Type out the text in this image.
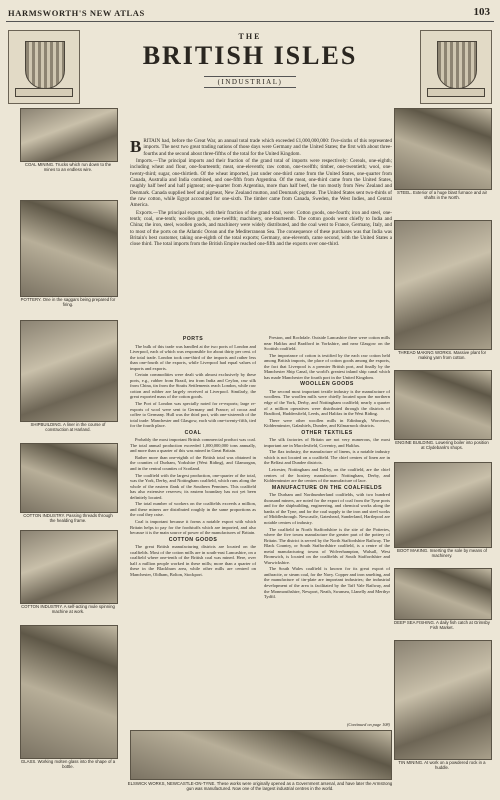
HARMSWORTH'S NEW ATLAS	103
THE
BRITISH ISLES
(INDUSTRIAL)
COAL MINING. Trucks which run down to the mines to an endless wire.
POTTERY. One in the saggars being prepared for firing.
SHIPBUILDING. A liner in the course of construction at Harland.
COTTON INDUSTRY. Passing threads through the healding frame.
COTTON INDUSTRY. A self-acting mule spinning machine at work.
GLASS. Working molten glass into the shape of a bottle.
STEEL. Exterior of a huge blast furnace and air shafts in the North.
THREAD MAKING WORKS. Massive plant for making yarn from cotton.
ENGINE BUILDING. Lowering boiler into position at Clydebank's shops.
BOOT MAKING. Inserting the sole by means of machinery.
DEEP SEA FISHING. A daily fish catch at Grimsby Fish Market.
TIN MINING. At work on a powdered rock in a huddle.
ELSWICK WORKS, NEWCASTLE-ON-TYNE. These works were originally opened as a Government arsenal, and have later the Armstrong gun was manufactured. Now one of the largest industrial centres in the world.

BRITAIN had, before the Great War, an annual total trade which exceeded £1,000,000,000: five-sixths of this represented imports. The next two great trading nations of those days were Germany and the United States; the first with about three-fourths and the second about three-fifths of the total for the United Kingdom.

Imports.—The principal imports and their fraction of the grand total of imports were respectively: Cereals, one-eighth; including wheat and flour, one-fourteenth; meat, one-eleventh; raw cotton, one-twelfth; timber, one-twentieth; wool, one-twenty-third; sugar, one-thirtieth. Of the wheat imported, just under one-third came from the United States, one-quarter from Canada, Australia and India combined, and one-fifth from Argentina. Of the meat, one-third came from the United States, roughly half beef and half pigmeat; one-quarter from Argentina, more than half beef, the ton mostly from New Zealand and Denmark. Canada supplied beef and pigmeat, New Zealand mutton, and Denmark pigmeat. The United States sent two-thirds of the raw cotton, while Egypt accounted for one-sixth. The timber came from Canada, Sweden, the West Indies, and Central America.

Exports.—The principal exports, with their fraction of the grand total, were: Cotton goods, one-fourth; iron and steel, one-tenth; coal, one-tenth; woollen goods, one-twelfth; machinery, one-fourteenth. The cotton goods went chiefly to India and China; the iron, steel, woollen goods, and machinery were widely distributed, and the coal went to France, Germany, Italy, and to most of the ports on the Atlantic Ocean and the Mediterranean Sea. The consequence of these purchases was that India was Britain's best customer, taking one-eighth of the total exports; Germany, one-eleventh, came second, with the United States a close third. The total imports from the British Empire reached one-fifth and the exports over one-third.

PORTS

The bulk of this trade was handled at the two ports of London and Liverpool, each of which was responsible for about thirty per cent. of the total trade. London took one-third of the imports and rather less than one-fourth of the exports, while Liverpool had equal values of imports and exports.

Certain commodities were dealt with almost exclusively by these ports, e.g., rubber from Brazil, tea from India and Ceylon, raw silk from China, tin from the Straits Settlements reach London, while raw cotton and rubber are largely received at Liverpool. Similarly, the great exported mass of the cotton goods.

The Port of London was specially noted for re-exports; large re-exports of wool were sent to Germany and France; of cocoa and coffee to Germany. Hull was the third port, with one-sixteenth of the total trade: Manchester and Glasgow, each with one-twenty-fifth, tied for the fourth place.

COAL

Probably the most important British commercial product was coal. The total annual production exceeded 1,000,000,000 tons annually, and more than a quarter of this was mined in Great Britain.

Rather more than one-eighth of the British total was obtained in the counties of Durham, Yorkshire (West Riding), and Glamorgan, and in the central counties of Scotland.

The coalfield with the largest production, one-quarter of the total, was the York, Derby, and Nottingham coalfield, which runs along the whole of the eastern flank of the Southern Pennines. This coalfield has also extensive reserves; its eastern boundary has not yet been definitely located.

The total number of workers on the coalfields exceeds a million, and these miners are distributed roughly in the same proportions as the coal they raise.

Coal is important because it forms a notable export with which Britain helps to pay for the foodstuffs which are imported, and also because it is the main source of power of the manufactures of Britain.

COTTON GOODS

The great British manufacturing districts are located on the coalfields. Most of the cotton mills are in south-east Lancashire, on a coalfield where one-tenth of the British coal was mined. Here, over half a million people worked in these mills; more than a quarter of these in the Blackburn area, while other mills are centred on Manchester, Oldham, Bolton, Stockport.

Preston, and Rochdale. Outside Lancashire there were cotton mills near Halifax and Bradford in Yorkshire, and near Glasgow on the Scottish coalfield.

The importance of cotton is testified by the each raw cotton held among British imports, the place of cotton goods among the exports, the fact that Liverpool is a premier British port, and finally by the Manchester Ship Canal, the world's greatest inland ship canal which has made Manchester the fourth port in the United Kingdom.

WOOLLEN GOODS

The second most important textile industry is the manufacture of woollens. The woollen mills were chiefly located upon the northern edge of the York, Derby, and Nottingham coalfield; nearly a quarter of a million operatives were distributed through the districts of Bradford, Huddersfield, Leeds, and Halifax in the West Riding.

There were other woollen mills in Edinburgh, Worcester, Kidderminster, Galashiels, Dundee, and Kilmarnock districts.

OTHER TEXTILES

The silk factories of Britain are not very numerous, the most important are in Macclesfield, Coventry, and Halifax.

The flax industry, the manufacture of linens, is a notable industry which is not located on a coalfield. The chief centres of linen are in the Belfast and Dundee districts.

Leicester, Nottingham and Derby, on the coalfield, are the chief centres of the hosiery manufacture. Nottingham, Derby, and Kidderminster are the centres of the manufacture of lace.

MANUFACTURE ON THE COALFIELDS

The Durham and Northumberland coalfields, with two hundred thousand miners, are noted for the export of coal from the Tyne ports and for the shipbuilding, engineering, and chemical works along the banks of the Tyne, and for the coal supply to the iron and steel works of Middlesbrough. Newcastle, Gateshead, Sunderland, Hartlepool are notable centres of industry.

The coalfield in North Staffordshire is the site of the Potteries, where the five towns manufacture the greater part of the pottery of Britain. The district is served by the North Staffordshire Railway. The Black Country, or South Staffordshire coalfield, is a centre of the metal manufacturing towns of Wolverhampton, Walsall, West Bromwich, is located on the coalfields of South Staffordshire and Warwickshire.

The South Wales coalfield is known for its great export of anthracite, or steam coal, for the Navy. Copper and iron smelting, and the manufacture of tin-plate are important industries; the industrial development of the area is facilitated by the Taff Vale Railway, and the Monmouthshire, Newport, Neath, Swansea, Llanelly and Merthyr Tydfil.

(Continued on page 108)
